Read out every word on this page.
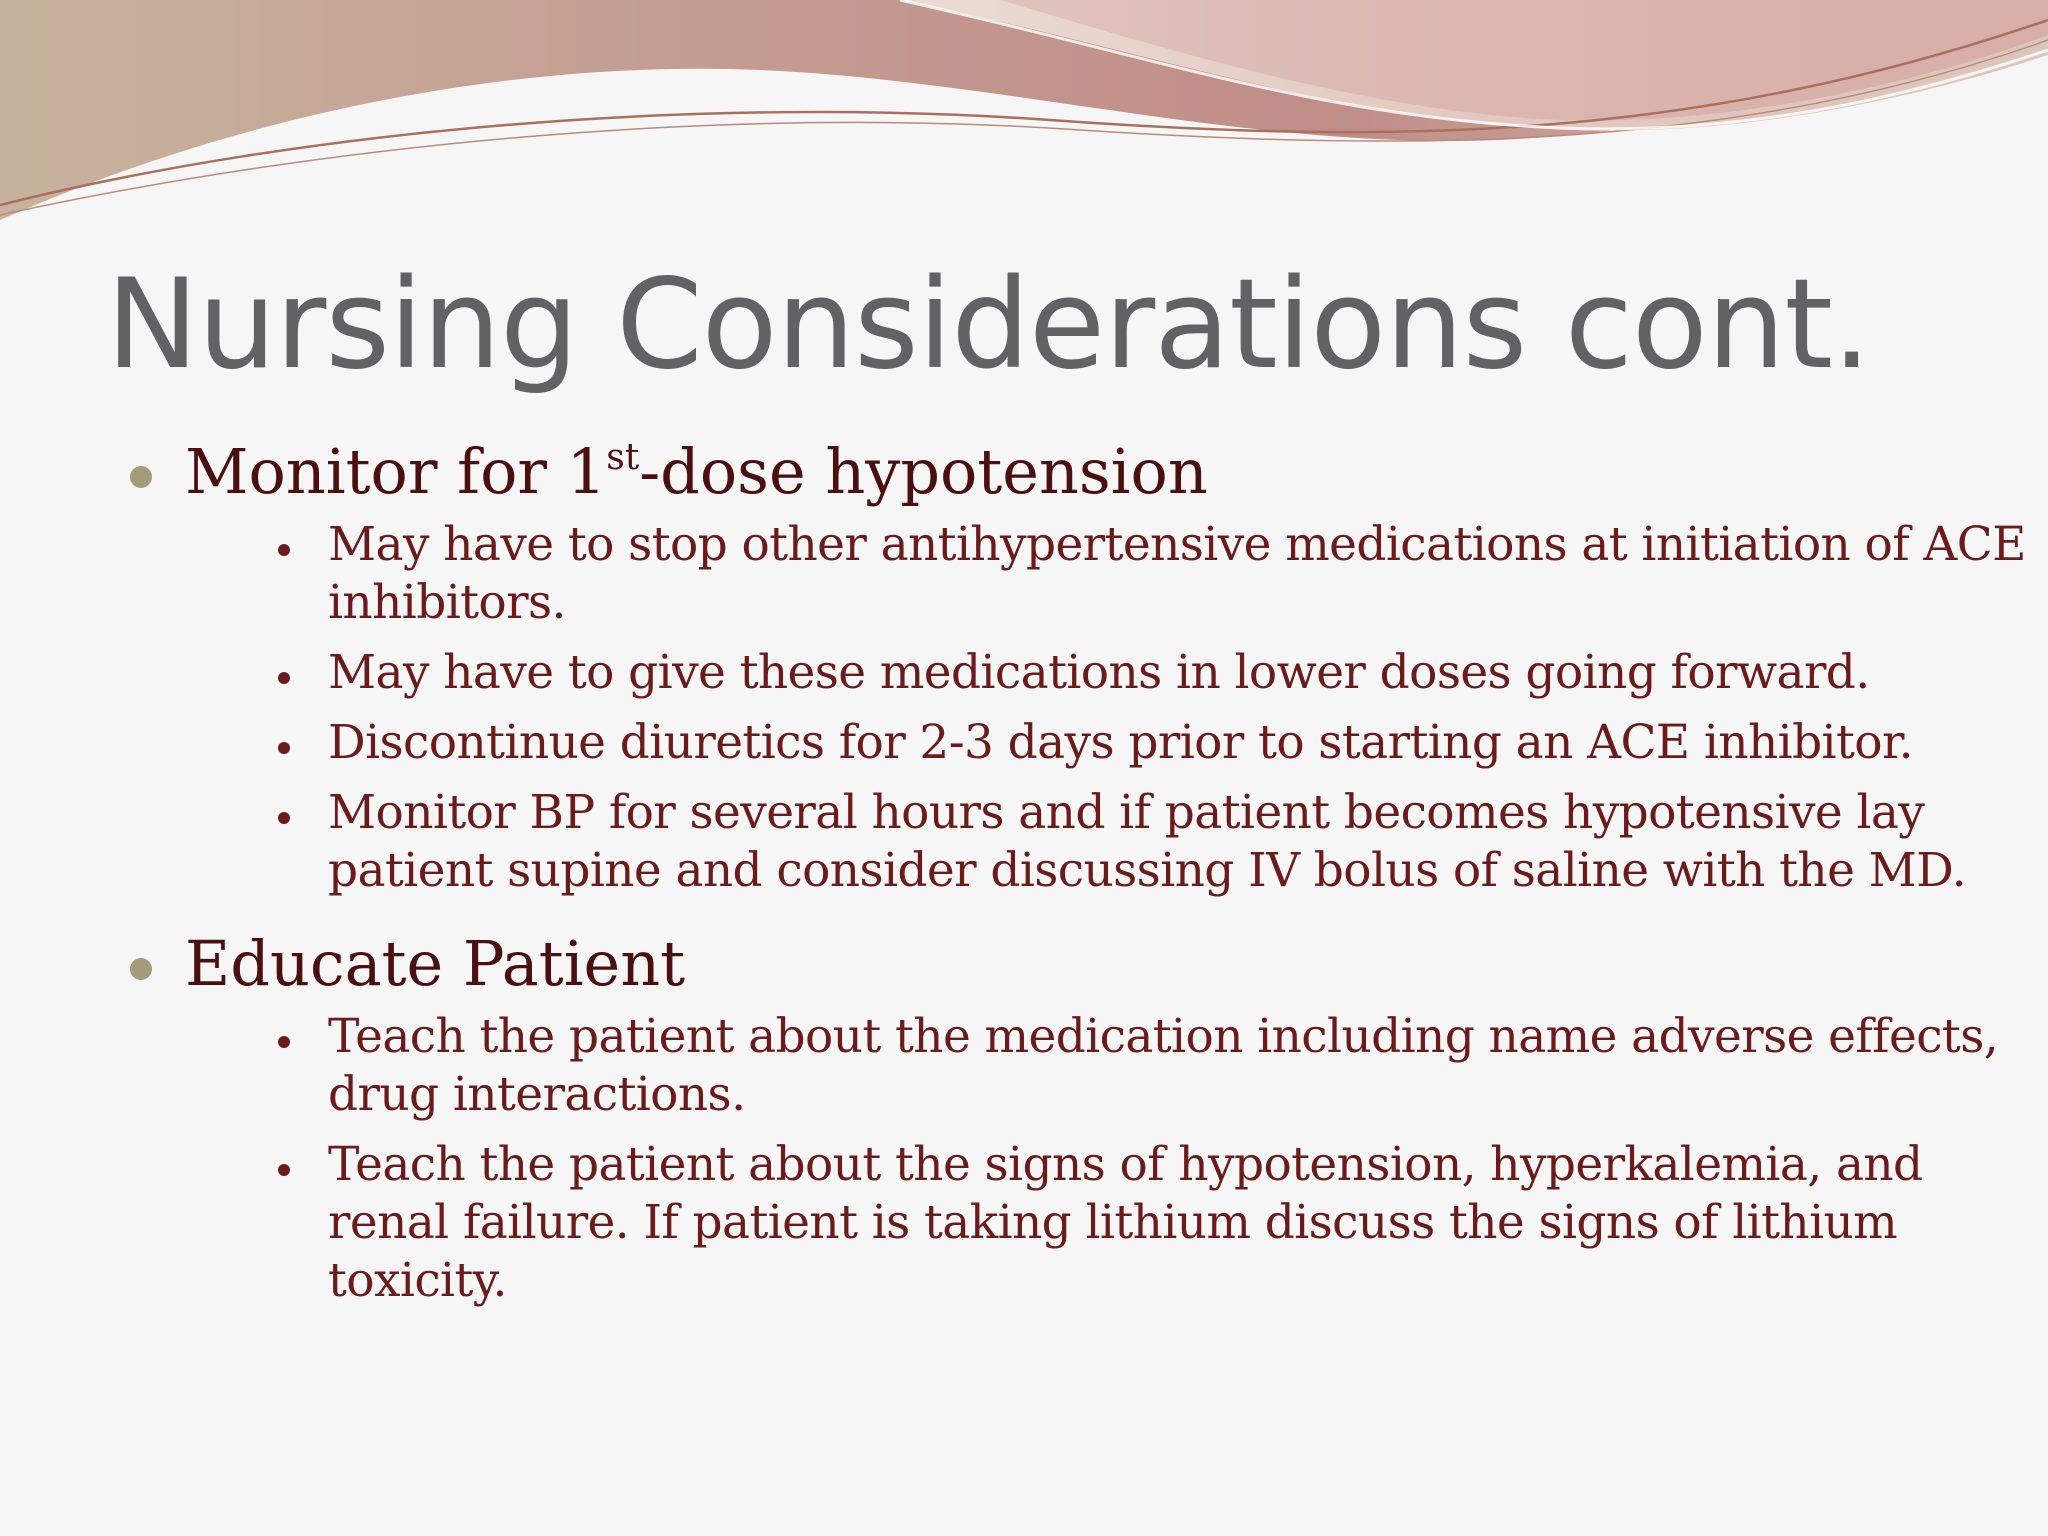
Nursing Considerations cont.
Monitor for 1st-dose hypotension
May have to stop other antihypertensive medications at initiation of ACE inhibitors.
May have to give these medications in lower doses going forward.
Discontinue diuretics for 2-3 days prior to starting an ACE inhibitor.
Monitor BP for several hours and if patient becomes hypotensive lay patient supine and consider discussing IV bolus of saline with the MD.
Educate Patient
Teach the patient about the medication including name adverse effects, drug interactions.
Teach the patient about the signs of hypotension, hyperkalemia, and renal failure. If patient is taking lithium discuss the signs of lithium toxicity.
